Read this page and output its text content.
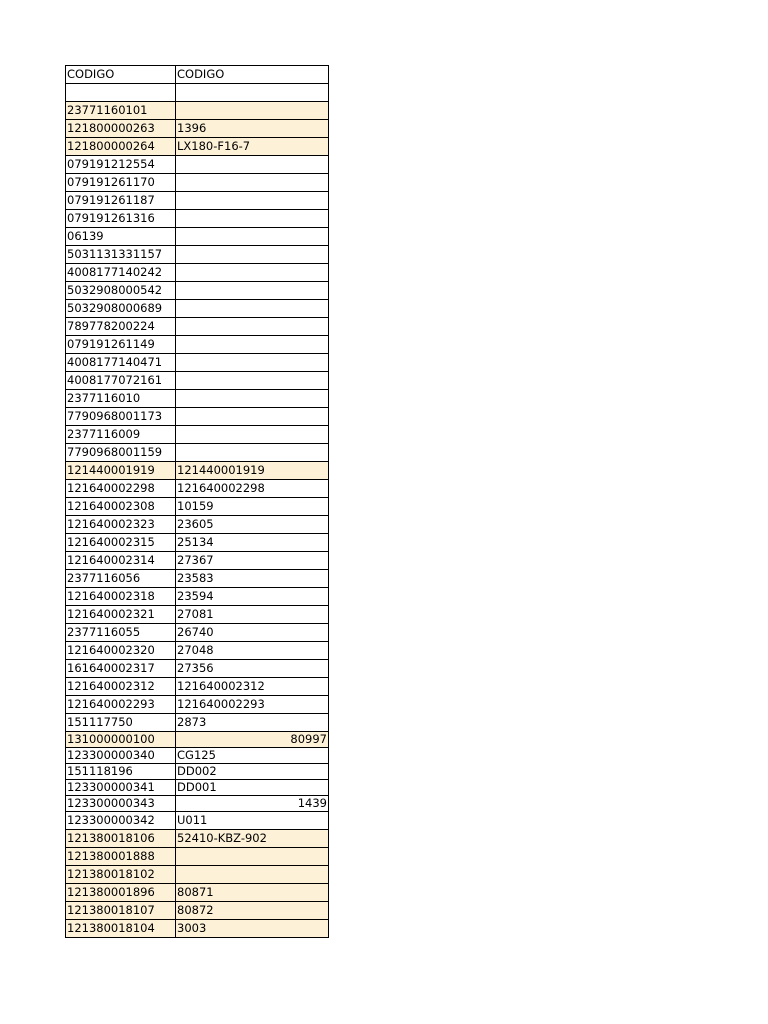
CODIGO	CODIGO

23771160101	
121800000263	1396
121800000264	LX180-F16-7
079191212554	
079191261170	
079191261187	
079191261316	
06139	
5031131331157	
4008177140242	
5032908000542	
5032908000689	
789778200224	
079191261149	
4008177140471	
4008177072161	
2377116010	
7790968001173	
2377116009	
7790968001159	
121440001919	121440001919
121640002298	121640002298
121640002308	10159
121640002323	23605
121640002315	25134
121640002314	27367
2377116056	23583
121640002318	23594
121640002321	27081
2377116055	26740
121640002320	27048
161640002317	27356
121640002312	121640002312
121640002293	121640002293
151117750	2873
131000000100	80997
123300000340	CG125
151118196	DD002
123300000341	DD001
123300000343	1439
123300000342	U011
121380018106	52410-KBZ-902
121380001888	
121380018102	
121380001896	80871
121380018107	80872
121380018104	3003
